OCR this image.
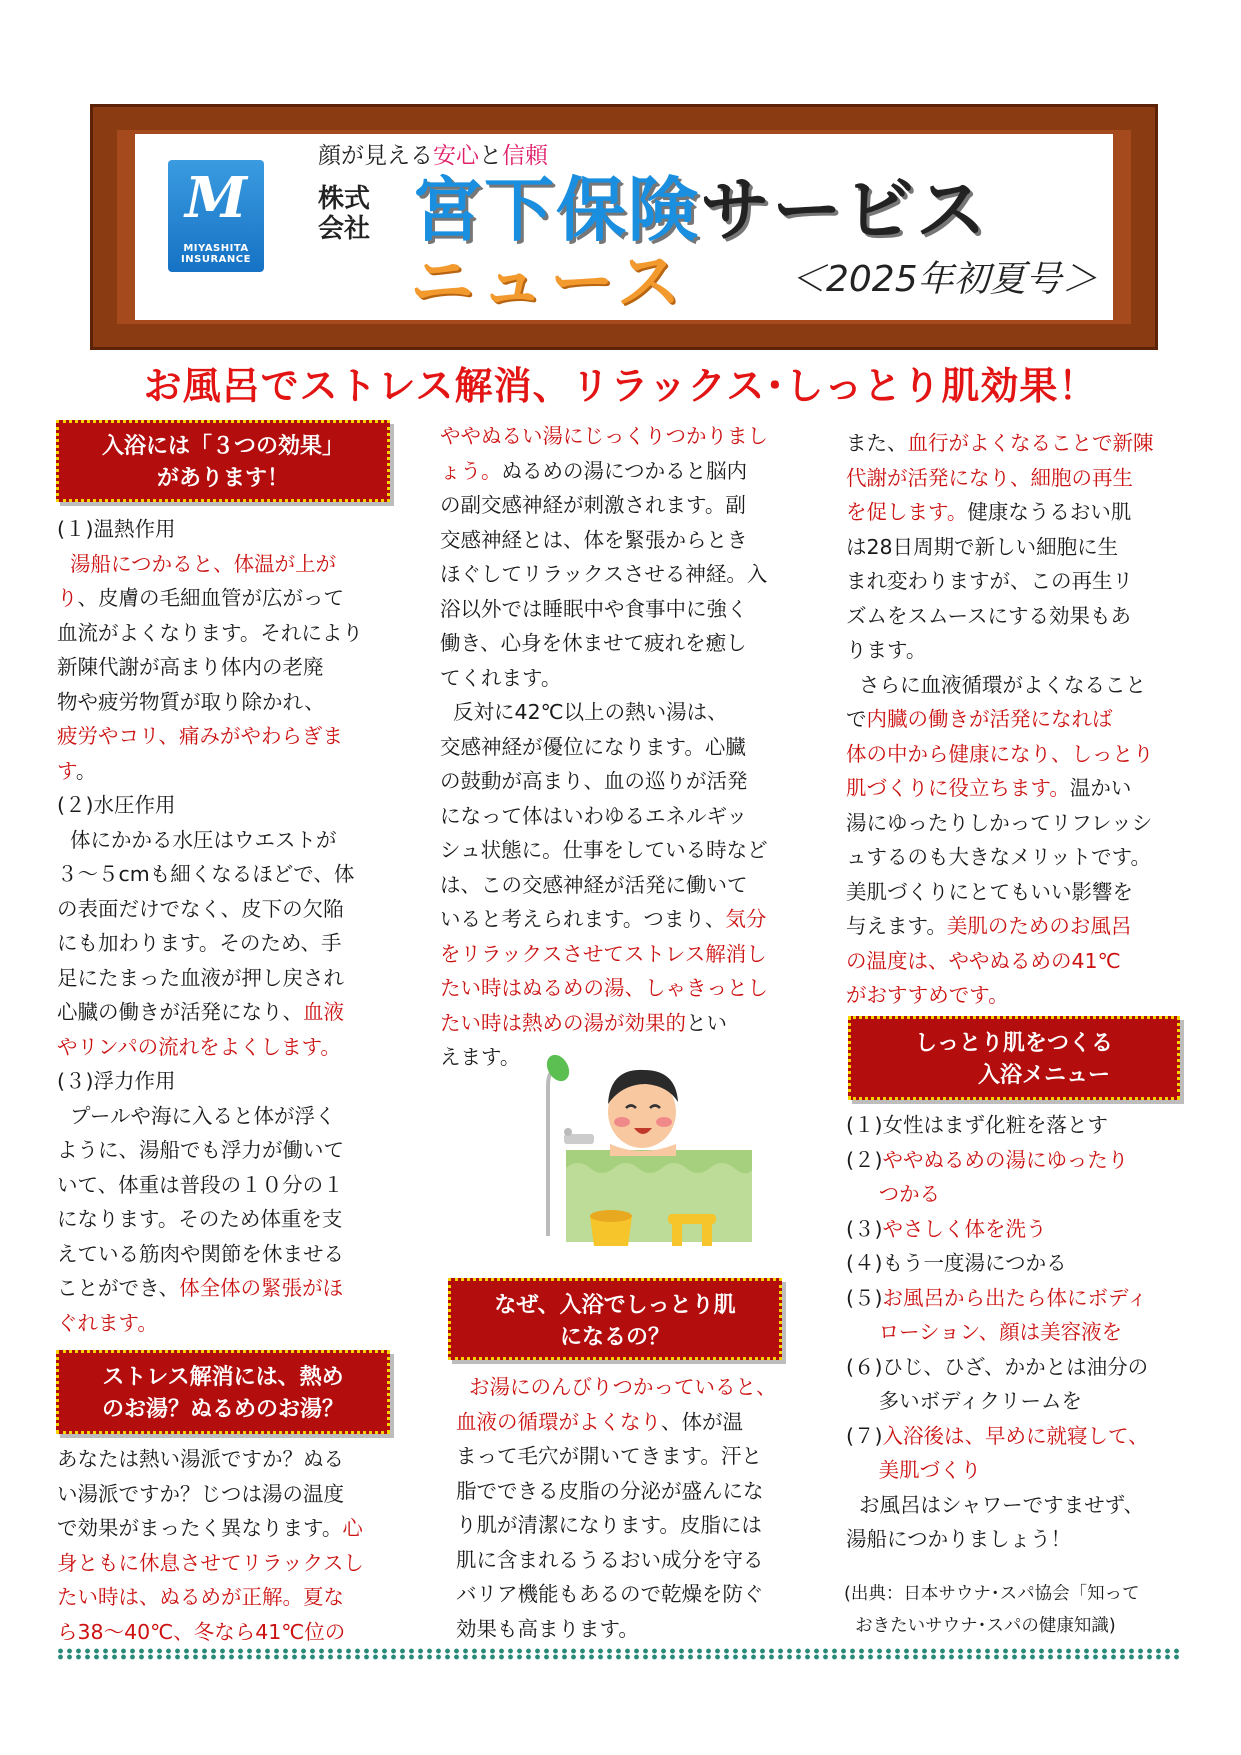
M
MIYASHITA
INSURANCE
顔が見える安心と信頼
株式
会社 宮下保険サービス
ニュース	＜2025年初夏号＞
お風呂でストレス解消、リラックス･しっとり肌効果！
入浴には「３つの効果」
があります！
ストレス解消には、熱め
のお湯？ぬるめのお湯？
なぜ、入浴でしっとり肌
になるの？
しっとり肌をつくる
入浴メニュー
(１)温熱作用
湯船につかると、体温が上が
り、皮膚の毛細血管が広がって
血流がよくなります。それにより
新陳代謝が高まり体内の老廃
物や疲労物質が取り除かれ、
疲労やコリ、痛みがやわらぎま
す。
(２)水圧作用
体にかかる水圧はウエストが
３～５cmも細くなるほどで、体
の表面だけでなく、皮下の欠陥
にも加わります。そのため、手
足にたまった血液が押し戻され
心臓の働きが活発になり、血液
やリンパの流れをよくします。
(３)浮力作用
プールや海に入ると体が浮く
ように、湯船でも浮力が働いて
いて、体重は普段の１０分の１
になります。そのため体重を支
えている筋肉や関節を休ませる
ことができ、体全体の緊張がほ
ぐれます。
あなたは熱い湯派ですか？ぬる
い湯派ですか？じつは湯の温度
で効果がまったく異なります。心
身ともに休息させてリラックスし
たい時は、ぬるめが正解。夏な
ら38～40℃、冬なら41℃位の
ややぬるい湯にじっくりつかりまし
ょう。ぬるめの湯につかると脳内
の副交感神経が刺激されます。副
交感神経とは、体を緊張からとき
ほぐしてリラックスさせる神経。入
浴以外では睡眠中や食事中に強く
働き、心身を休ませて疲れを癒し
てくれます。
反対に42℃以上の熱い湯は、
交感神経が優位になります。心臓
の鼓動が高まり、血の巡りが活発
になって体はいわゆるエネルギッ
シュ状態に。仕事をしている時など
は、この交感神経が活発に働いて
いると考えられます。つまり、気分
をリラックスさせてストレス解消し
たい時はぬるめの湯、しゃきっとし
たい時は熱めの湯が効果的とい
えます。
お湯にのんびりつかっていると、
血液の循環がよくなり、体が温
まって毛穴が開いてきます。汗と
脂でできる皮脂の分泌が盛んにな
り肌が清潔になります。皮脂には
肌に含まれるうるおい成分を守る
バリア機能もあるので乾燥を防ぐ
効果も高まります。
また、血行がよくなることで新陳
代謝が活発になり、細胞の再生
を促します。健康なうるおい肌
は28日周期で新しい細胞に生
まれ変わりますが、この再生リ
ズムをスムースにする効果もあ
ります。
さらに血液循環がよくなること
で内臓の働きが活発になれば
体の中から健康になり、しっとり
肌づくりに役立ちます。温かい
湯にゆったりしかってリフレッシ
ュするのも大きなメリットです。
美肌づくりにとてもいい影響を
与えます。美肌のためのお風呂
の温度は、ややぬるめの41℃
がおすすめです。
(１)女性はまず化粧を落とす
(２)ややぬるめの湯にゆったり
つかる
(３)やさしく体を洗う
(４)もう一度湯につかる
(５)お風呂から出たら体にボディ
ローション、顔は美容液を
(６)ひじ、ひざ、かかとは油分の
多いボディクリームを
(７)入浴後は、早めに就寝して、
美肌づくり
お風呂はシャワーですませず、
湯船につかりましょう！
(出典：日本サウナ･スパ協会「知って
おきたいサウナ･スパの健康知識)
